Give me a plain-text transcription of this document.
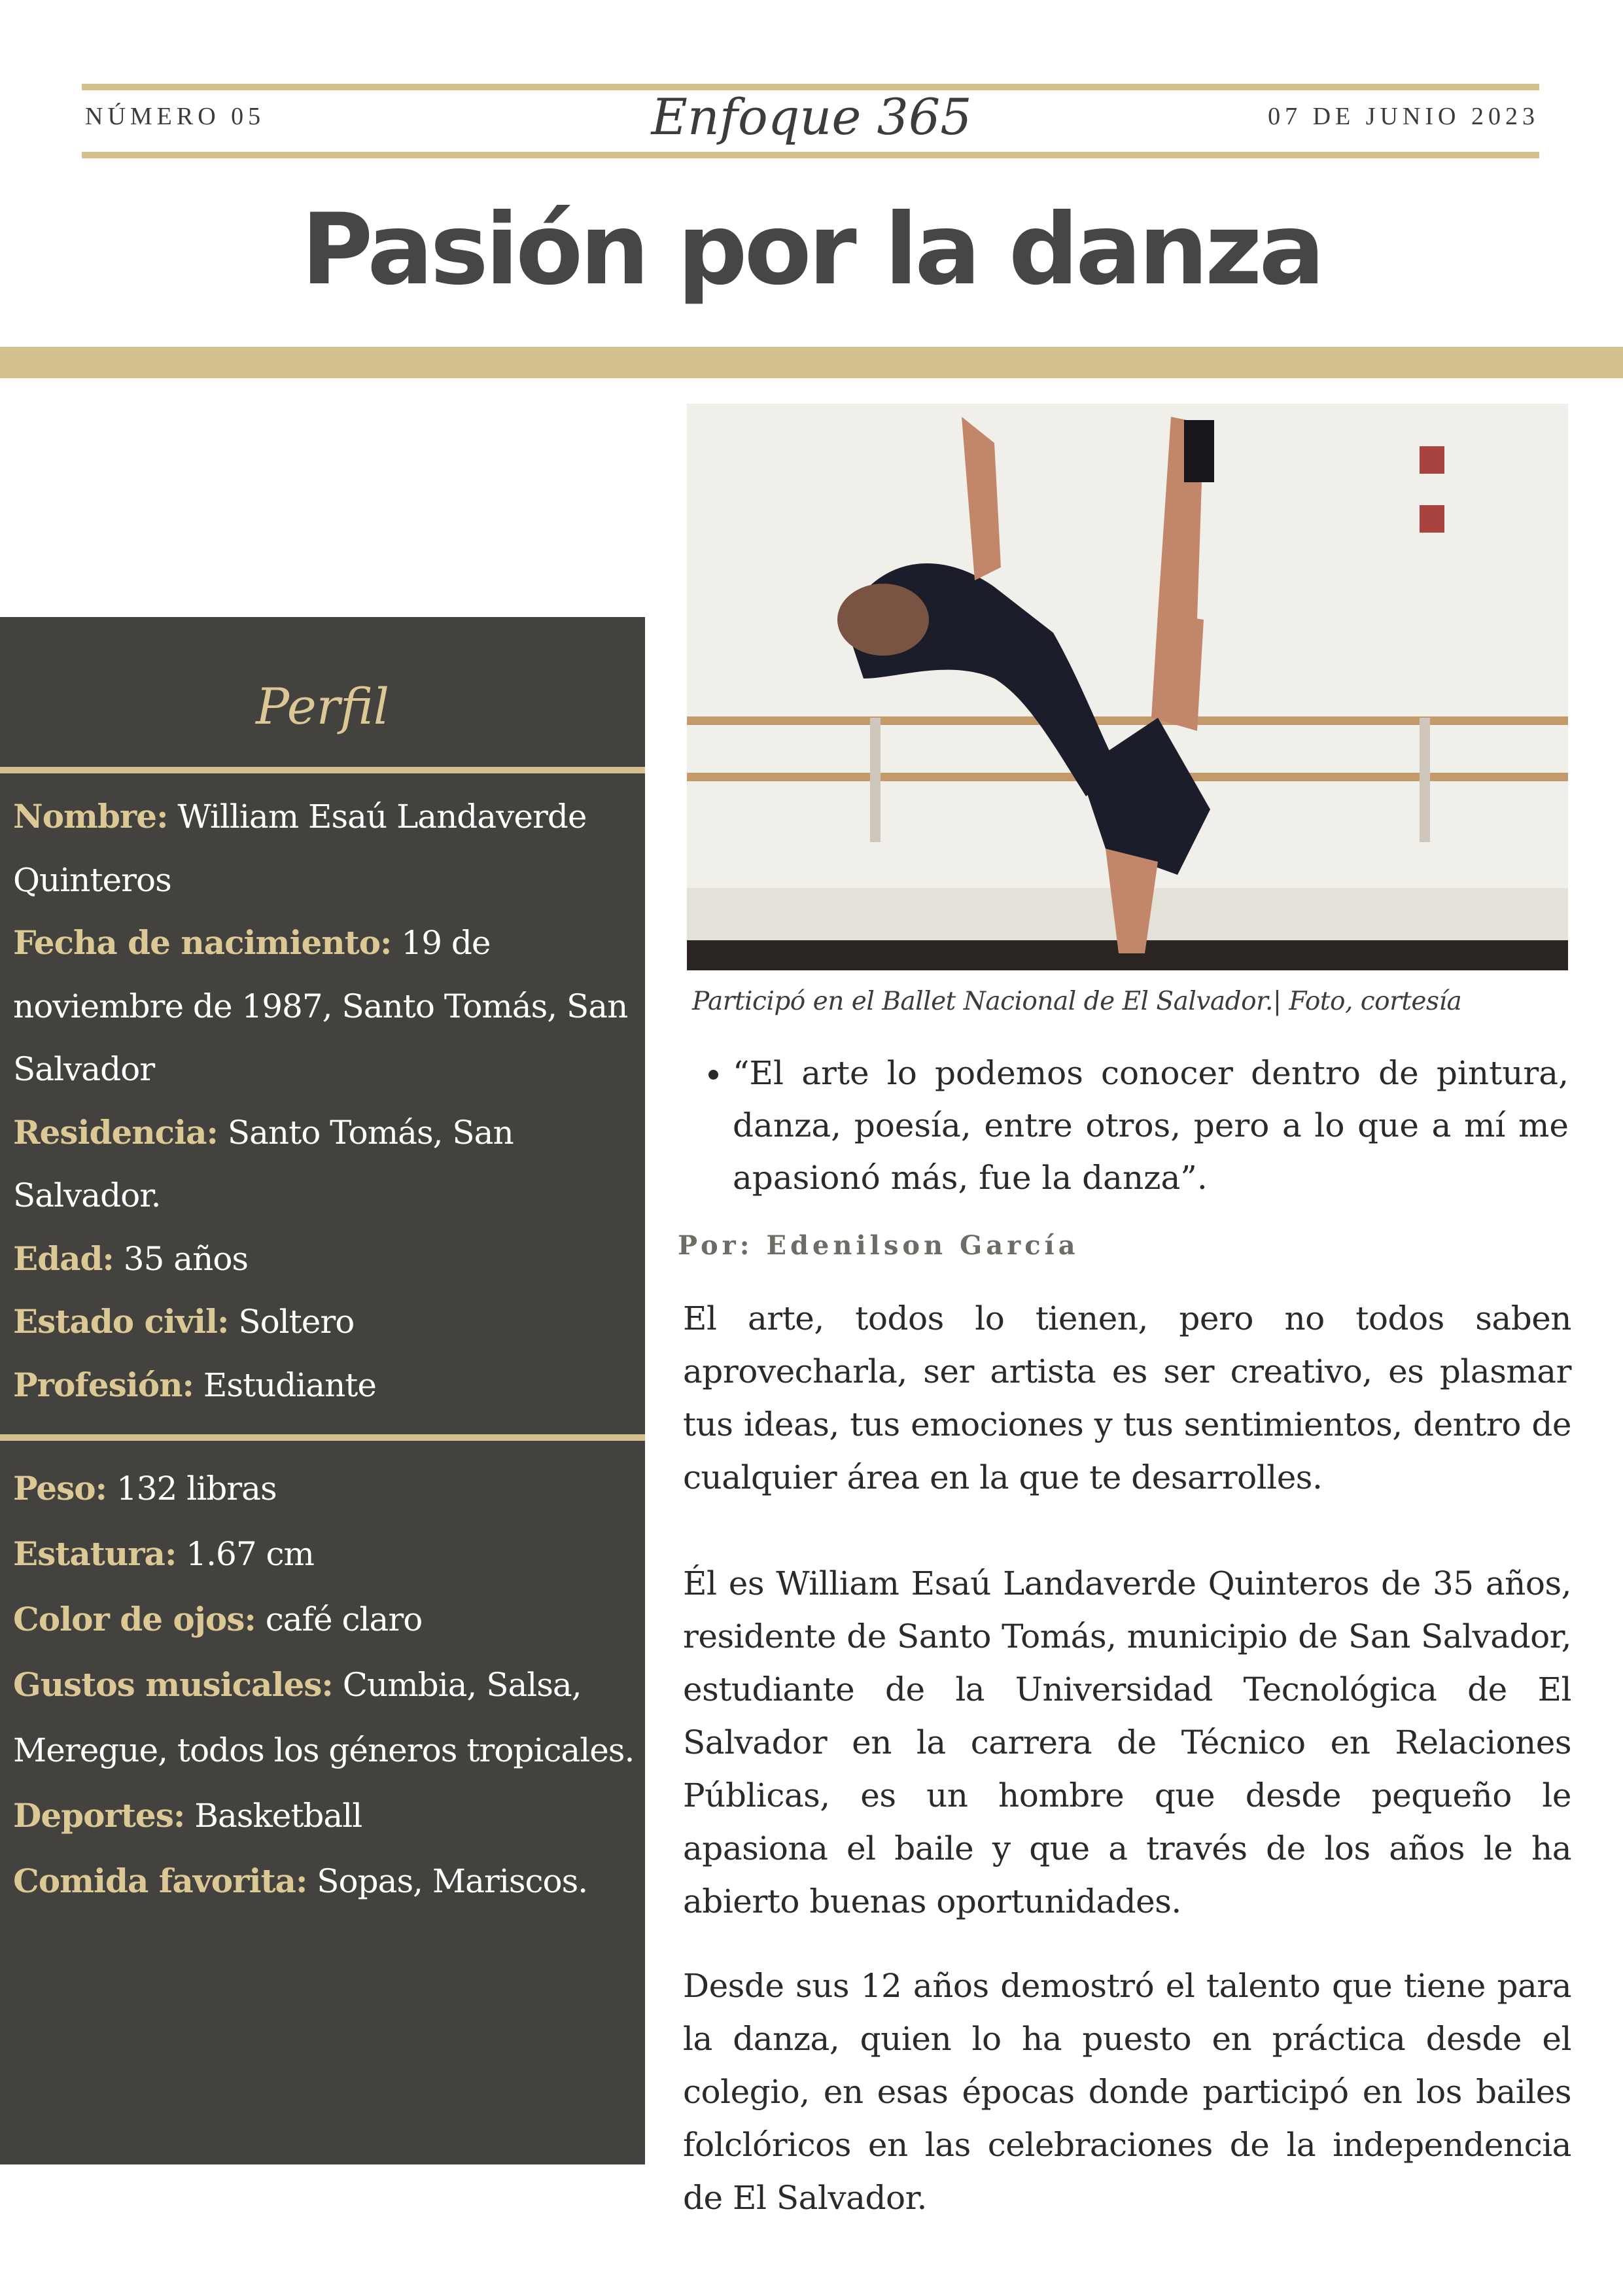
NÚMERO 05	Enfoque 365	07 DE JUNIO 2023
Pasión por la danza
Perfil

Nombre: William Esaú Landaverde Quinteros

Fecha de nacimiento: 19 de noviembre de 1987, Santo Tomás, San Salvador

Residencia: Santo Tomás, San Salvador.

Edad: 35 años

Estado civil: Soltero

Profesión: Estudiante

Peso: 132 libras

Estatura: 1.67 cm

Color de ojos: café claro

Gustos musicales: Cumbia, Salsa, Meregue, todos los géneros tropicales.

Deportes: Basketball

Comida favorita: Sopas, Mariscos.

Participó en el Ballet Nacional de El Salvador.| Foto, cortesía
• “El arte lo podemos conocer dentro de pintura, danza, poesía, entre otros, pero a lo que a mí me apasionó más, fue la danza”.
Por: Edenilson García

El arte, todos lo tienen, pero no todos saben aprovecharla, ser artista es ser creativo, es plasmar tus ideas, tus emociones y tus sentimientos, dentro de cualquier área en la que te desarrolles.

Él es William Esaú Landaverde Quinteros de 35 años, residente de Santo Tomás, municipio de San Salvador, estudiante de la Universidad Tecnológica de El Salvador en la carrera de Técnico en Relaciones Públicas, es un hombre que desde pequeño le apasiona el baile y que a través de los años le ha abierto buenas oportunidades.

Desde sus 12 años demostró el talento que tiene para la danza, quien lo ha puesto en práctica desde el colegio, en esas épocas donde participó en los bailes folclóricos en las celebraciones de la independencia de El Salvador.
